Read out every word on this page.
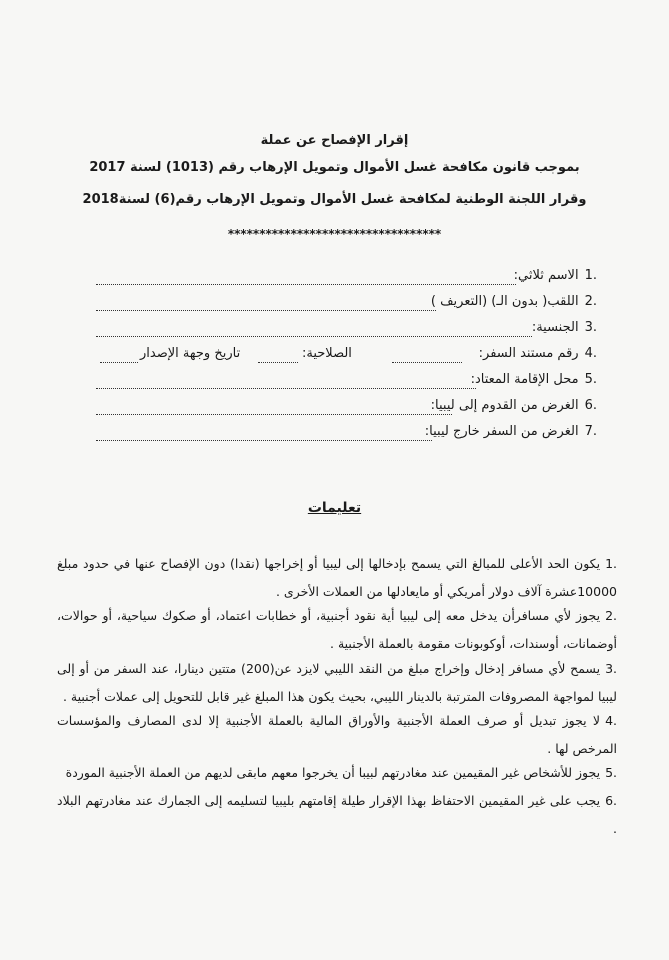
إقرار الإفصاح عن عملة
بموجب قانون مكافحة غسل الأموال وتمويل الإرهاب رقم (1013) لسنة 2017
وقرار اللجنة الوطنية لمكافحة غسل الأموال وتمويل الإرهاب رقم(6) لسنة2018
**********************************
.1الاسم ثلاثي:
.2اللقب( بدون الـ) (التعريف )
.3الجنسية:
.4رقم مستند السفر:
الصلاحية:
تاريخ وجهة الإصدار
.5محل الإقامة المعتاد:
.6الغرض من القدوم إلى ليبيا:
.7الغرض من السفر خارج ليبيا:
تعليمات
.1يكون الحد الأعلى للمبالغ التي يسمح بإدخالها إلى ليبيا أو إخراجها (نقدا) دون الإفصاح عنها في حدود مبلغ 10000عشرة آلاف دولار أمريكي أو مايعادلها من العملات الأخرى .
.2يجوز لأي مسافرأن يدخل معه إلى ليبيا أية نقود أجنبية، أو خطابات اعتماد، أو صكوك سياحية، أو حوالات، أوضمانات، أوسندات، أوكوبونات مقومة بالعملة الأجنبية .
.3يسمح لأي مسافر إدخال وإخراج مبلغ من النقد الليبي لايزد عن(200) متتين دينارا، عند السفر من أو إلى ليبيا لمواجهة المصروفات المترتبة بالدينار الليبي، بحيث يكون هذا المبلغ غير قابل للتحويل إلى عملات أجنبية .
.4لا يجوز تبديل أو صرف العملة الأجنبية والأوراق المالية بالعملة الأجنبية إلا لدى المصارف والمؤسسات المرخص لها .
.5يجوز للأشخاص غير المقيمين عند مغادرتهم لبيبا أن يخرجوا معهم مابقى لديهم من العملة الأجنبية الموردة
.6يجب على غير المقيمين الاحتفاظ بهذا الإقرار طيلة إقامتهم بليبيا لتسليمه إلى الجمارك عند مغادرتهم البلاد .
